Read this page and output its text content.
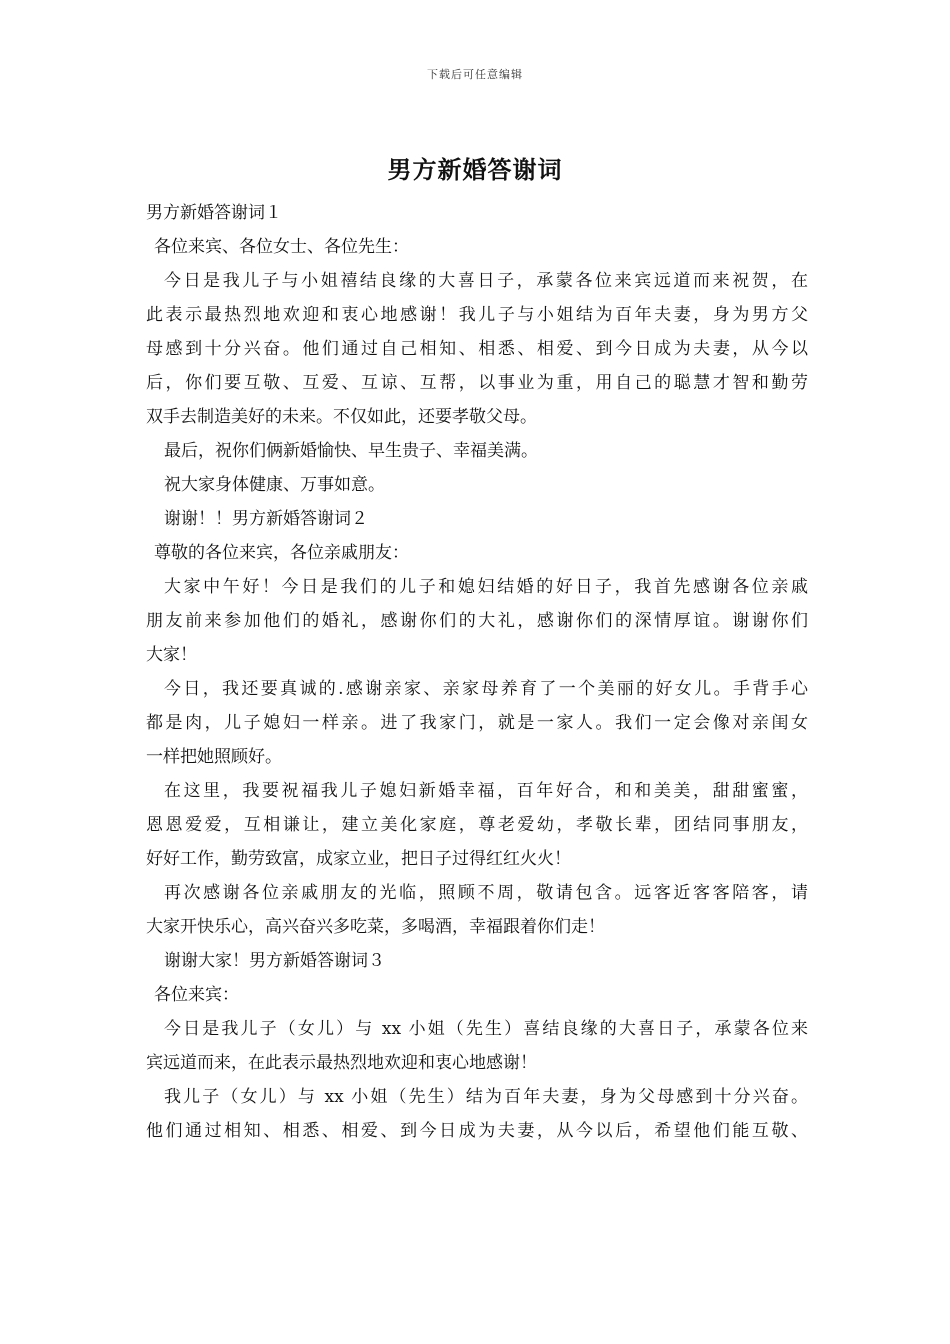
下载后可任意编辑
男方新婚答谢词
男方新婚答谢词１
各位来宾、各位女士、各位先生：
今日是我儿子与小姐禧结良缘的大喜日子，承蒙各位来宾远道而来祝贺，在
此表示最热烈地欢迎和衷心地感谢！我儿子与小姐结为百年夫妻，身为男方父
母感到十分兴奋。他们通过自己相知、相悉、相爱、到今日成为夫妻，从今以
后，你们要互敬、互爱、互谅、互帮，以事业为重，用自己的聪慧才智和勤劳
双手去制造美好的未来。不仅如此，还要孝敬父母。
最后，祝你们俩新婚愉快、早生贵子、幸福美满。
祝大家身体健康、万事如意。
谢谢！！男方新婚答谢词２
尊敬的各位来宾，各位亲戚朋友：
大家中午好！今日是我们的儿子和媳妇结婚的好日子，我首先感谢各位亲戚
朋友前来参加他们的婚礼，感谢你们的大礼，感谢你们的深情厚谊。谢谢你们
大家！
今日，我还要真诚的.感谢亲家、亲家母养育了一个美丽的好女儿。手背手心
都是肉，儿子媳妇一样亲。进了我家门，就是一家人。我们一定会像对亲闺女
一样把她照顾好。
在这里，我要祝福我儿子媳妇新婚幸福，百年好合，和和美美，甜甜蜜蜜，
恩恩爱爱，互相谦让，建立美化家庭，尊老爱幼，孝敬长辈，团结同事朋友，
好好工作，勤劳致富，成家立业，把日子过得红红火火！
再次感谢各位亲戚朋友的光临，照顾不周，敬请包含。远客近客客陪客，请
大家开快乐心，高兴奋兴多吃菜，多喝酒，幸福跟着你们走！
谢谢大家！男方新婚答谢词３
各位来宾：
今日是我儿子（女儿）与 xx 小姐（先生）喜结良缘的大喜日子，承蒙各位来
宾远道而来，在此表示最热烈地欢迎和衷心地感谢！
我儿子（女儿）与 xx 小姐（先生）结为百年夫妻，身为父母感到十分兴奋。
他们通过相知、相悉、相爱、到今日成为夫妻，从今以后，希望他们能互敬、
